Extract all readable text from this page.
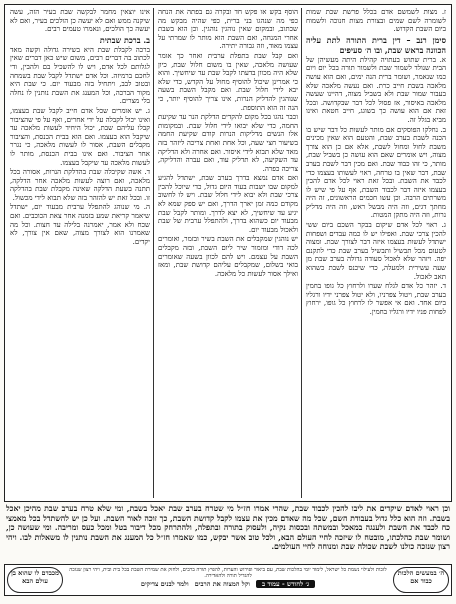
ז. מצות לשמשם אדם בכלל פרשת שכת שמות לשומרה לשם שמים ובצורת מצות חנוכה ולשמוח ביום השבת הקדוש.

סימן רנב – דין ברית התורה לתת עליה הכוונה בראש שבת, ובו ה׳ סעיפים

א. ברית שתוש בעתויה קהילת היתה מעשיהן של הבית שנולד לשמור שבת ולשמור תורה בכל יום ויום כמו שנאמר, ושומר ברית הנה ימים, ואם הוא עושה מלאכה בשבת חייב כרת. ואם נעשה מלאכה שלא בעבור שמור שבת ולא בשביל מצוה, דהיינו שעשה מלאכה באיסור, אז פסול לכל דבר שבקדושה. ובכל זאת אם הוא עושה כך בשוגג, חייב חטאת ואינו מביא בגלל זה.

ב. נחלקו הפוסקים אם מותר לעשות כל דבר שיש בו הכנה לשבת בערב שבת, והטעם הוא שאין מכינים משבת לחול ומחול לשבת, אלא אם כן הוא צורך מצוה, ויש אומרים שאם הוא עושה כן בשביל שבת, מותר, כי זהו כבוד שבת. ואם מכין דבר לשבת בערב שבת, דבר שאין בו טרחה, ראוי לעשותו בעצמו כדי לכבד את השבת. ובכל זאת ראוי לכל אדם להכין בעצמו איזה דבר לכבוד השבת, אף על פי שיש לו משרתים הרבה. וכן עשו חכמים הראשונים, זה היה מחתך דגים, וזה היה מבשל ראש, וזה היה מדליק נרות, וזה היה מתקן המטות.

ג. ראוי לכל אדם שיקום בבקר השכם ביום ששי להכין צרכי שבת. ואפילו יש לו כמה עבדים ושפחות ישתדל לעשות בעצמו איזה דבר לצורך שבת. ומצוה לטעום מכל תבשיל ותבשיל בערב שבת כדי לתקנם יפה. ויזהר שלא לאכול סעודה גדולה בערב שבת מן שעה עשירית ולמעלה, כדי שיכנס לשבת כשהוא תאב לאכול.

ד. יזהר כל אדם לגלח שערו ולרחוץ כל גופו בחמין בערב שבת, ויטול צפרניו, ולא יטול צפרני ידיו ורגליו ביום אחד. ואם אי אפשר לו לרחוץ כל גופו, ירחוץ לפחות פניו ידיו ורגליו בחמין.

הוסף בקש או פקש חד ובקרה גם בפתה את הנחה כפי מה שנהגו בני ברית, כפי שהיה מבקש מה שכתוב, ובמקום שאין נוהגין נוהגין. וכן הוא בשבת אחרי המנחה, ואם השבת הוא מותר לו שמרתי על עצמו מאוד, וזה גבורה יתירה.

ואם קבל שבת בתפלת ערבית ואחר כך אומר שעושה מלאכה, שאין בו משום חלול שבת, כיון שלא היה מכוון בדעתו לקבל שבת עד שיחשיך. והוא כי אמרינן שיכול להוסיף מחול על הקדש, כדי שלא יבא לידי חלול שבת. ואם מקבל השבת בשעה שנוהגין להדליק הנרות, אינו צריך להוסיף יותר, כי הנה זה הוא התוספת.

וכבר נהגו בכל מקום להקדים הדלקת הנר עד שקיעת החמה, כדי שלא יבואו לידי חלול שבת. ובמקומות אלו הנשים מדליקות הנרות קודם שקיעת החמה בשיעור חצי שעה, וכל אחת ואחת צריכה ליזהר בזה מאד שלא תבוא לידי איסור. ואם אחרה ולא הדליקה עד השקיעה, לא תדליק עוד, ואם עברה והדליקה, צריכה כפרה.

ואם אדם נמצא בדרך בערב שבת, ישתדל להגיע למקום שבו ישבות בעוד היום גדול, כדי שיוכל להכין צרכי שבת ולא יבוא לידי חלול שבת. ויש לו לחשוב מקודם כמה זמן יארך הדרך, ואם יש ספק שמא לא יגיע עד שיחשיך, לא יצא לדרך. ומותר לקבל שבת מבעוד יום כשהוא בדרך, ולהתפלל ערבית של שבת ולאכול מבעוד יום.

יש נוהגין שמקבלים את השבת בשיר ובזמר, ואומרים לכה דודי ומזמור שיר ליום השבת, ובזה מקבלים השבת על עצמם. ויש להם לכוון בשעה שאומרים בואי בשלום, שמקבלים עליהם קדושת שבת, ומאז ואילך אסור לעשות כל מלאכה.

אינו יוצאין מחמר לבקשה שבת בעיר הזה, עשה שיקנה ממש ואם לא יעשה כן הולכים בעיר, ואם לא יעשה כך הולכים, ונאמרו טעמים רבים.

ב. ברכת שבתית

ברכה לקבלת שבת היא בשירה גדולה וקשה מאד לכתוב בה דברים רבים, משום שיש כאן דברים שאין לגלותם לכל אדם, ויש לו להשכיל בם ולהבין, ודי לחכם ברמיזה. וכל אדם ישתדל לקבל שבת בשמחה ובטוב לבב, ויתחיל בזה מבעוד יום. כי שבת היא מקור הברכה, וכל המענג את השבת נותנין לו נחלה בלי מצרים.

ג. יש אומרים שכל אדם חייב לקבל שבת בעצמו, ואינו יכול לקבלה על ידי אחרים, ואף על פי שהציבור קבלו עליהם שבת, יכול היחיד לעשות מלאכה עד שיקבל הוא בעצמו. ואם הוא בבית הכנסת, והציבור מקבלים השבת, אסור לו לעשות מלאכה, כי נגרר אחר הציבור. ואם אינו בבית הכנסת, מותר לו לעשות מלאכה עד שיקבל בעצמו.

ד. אשה שקיבלה שבת בהדלקת הנרות, אסורה בכל מלאכה, ואם רוצה לעשות מלאכה אחר הדלקה, תתנה בשעת הדלקה שאינה מקבלת שבת בהדלקה זו. ובכל זאת יש להזהר בזה שלא תבוא לידי מכשול.

ה. מי שנוהג להתפלל ערבית מבעוד יום, ישתדל שיאמר קריאת שמע בזמנה אחר צאת הכוכבים. ואם שכח ולא אמר, יאמרנה בלילה עד חצות. וכל מה שאמרנו הוא לצורך מצוה, שאם אין צורך, לא יקדים.

וכן ראוי לאדם שיקדים את ליבו להכין לכבוד שבת, שהרי אמרו חז״ל מי שטרח בערב שבת יאכל בשבת, ומי שלא טרח בערב שבת מהיכן יאכל בשבת. וזה הוא כלל גדול בעבודת השם, שכל מה שאדם מכין את עצמו לקבל קדושת השבת, כך זוכה לאור השבת. ועל כן יש להשתדל בכל מאמצי כח לכבד את השבת ולענגה במאכל ובמשתה ובכסות נקיה, ולעסוק בתורה ובתפלה, ולהתרחק מכל דיבור בטל ומכל כעס ומריבה. ומי שעושה כן, ושומר שבת כהלכתו, מובטח לו שיזכה לחיי העולם הבא, ולכל טוב אשר יבקש, כמו שאמרו חז״ל כל המענג את השבת נותנין לו משאלות לבו. ויהי רצון שנזכה כולנו לשבת שכולה שבת ומנוחה לחיי העולמים.
ה׳ במעשים הלכות כבוד אם
לזכות ולעילוי נשמת כל ישראל, לימוד יומי בהלכות שבת, עם ביאור ופירוש והערות, להפיץ תורה ברבים, ולחזק את שמירת השבת בכל בית ובית, ויהי רצון שנזכה להגדיל תורה ולהאדירה.
ג׳ לחודש - עמוד ב
וקל המצוה את הרבים
ולמד לבנים צדיקים
מכבדם לו שהוא בן עולם הבא
